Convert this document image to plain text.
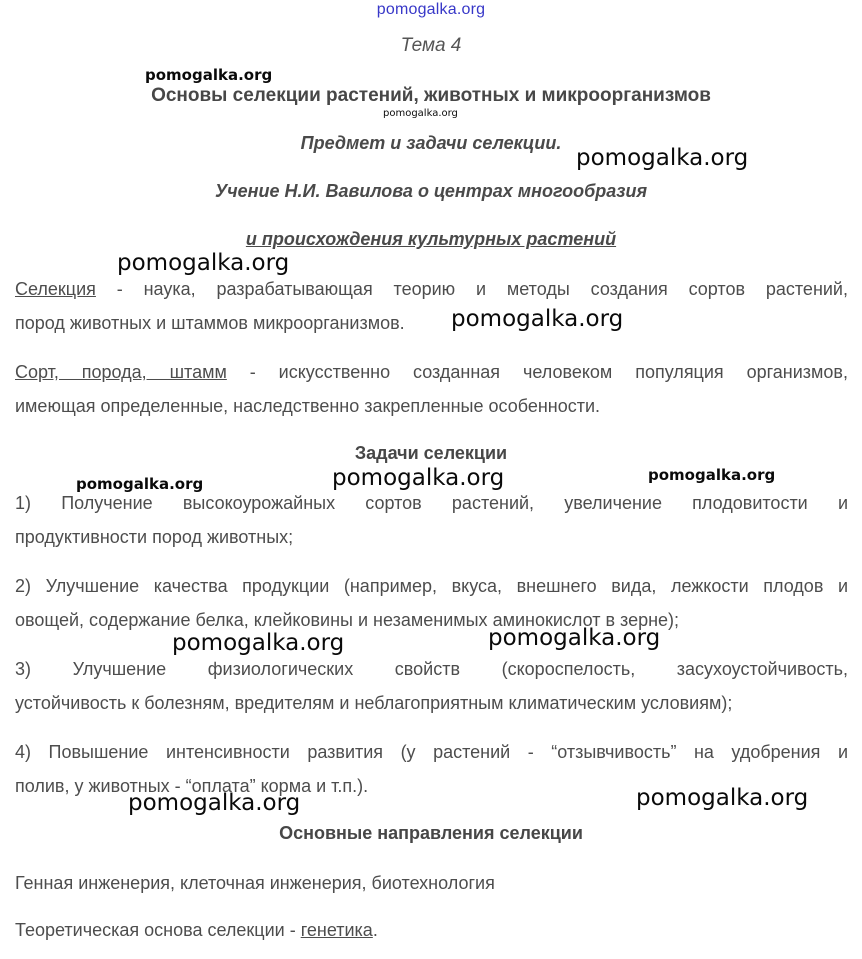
pomogalka.org
Тема 4
Основы селекции растений, животных и микроорганизмов
Предмет и задачи селекции.
Учение Н.И. Вавилова о центрах многообразия
и происхождения культурных растений
Селекция - наука, разрабатывающая теорию и методы создания сортов растений,
пород животных и штаммов микроорганизмов.
Сорт, порода, штамм - искусственно созданная человеком популяция организмов,
имеющая определенные, наследственно закрепленные особенности.
Задачи селекции
1) Получение высокоурожайных сортов растений, увеличение плодовитости и
продуктивности пород животных;
2) Улучшение качества продукции (например, вкуса, внешнего вида, лежкости плодов и
овощей, содержание белка, клейковины и незаменимых аминокислот в зерне);
3) Улучшение физиологических свойств (скороспелость, засухоустойчивость,
устойчивость к болезням, вредителям и неблагоприятным климатическим условиям);
4) Повышение интенсивности развития (у растений - “отзывчивость” на удобрения и
полив, у животных - “оплата” корма и т.п.).
Основные направления селекции
Генная инженерия, клеточная инженерия, биотехнология
Теоретическая основа селекции - генетика.
pomogalka.org
pomogalka.org
pomogalka.org
pomogalka.org
pomogalka.org
pomogalka.org	pomogalka.org	pomogalka.org
pomogalka.org	pomogalka.org
pomogalka.org	pomogalka.org
